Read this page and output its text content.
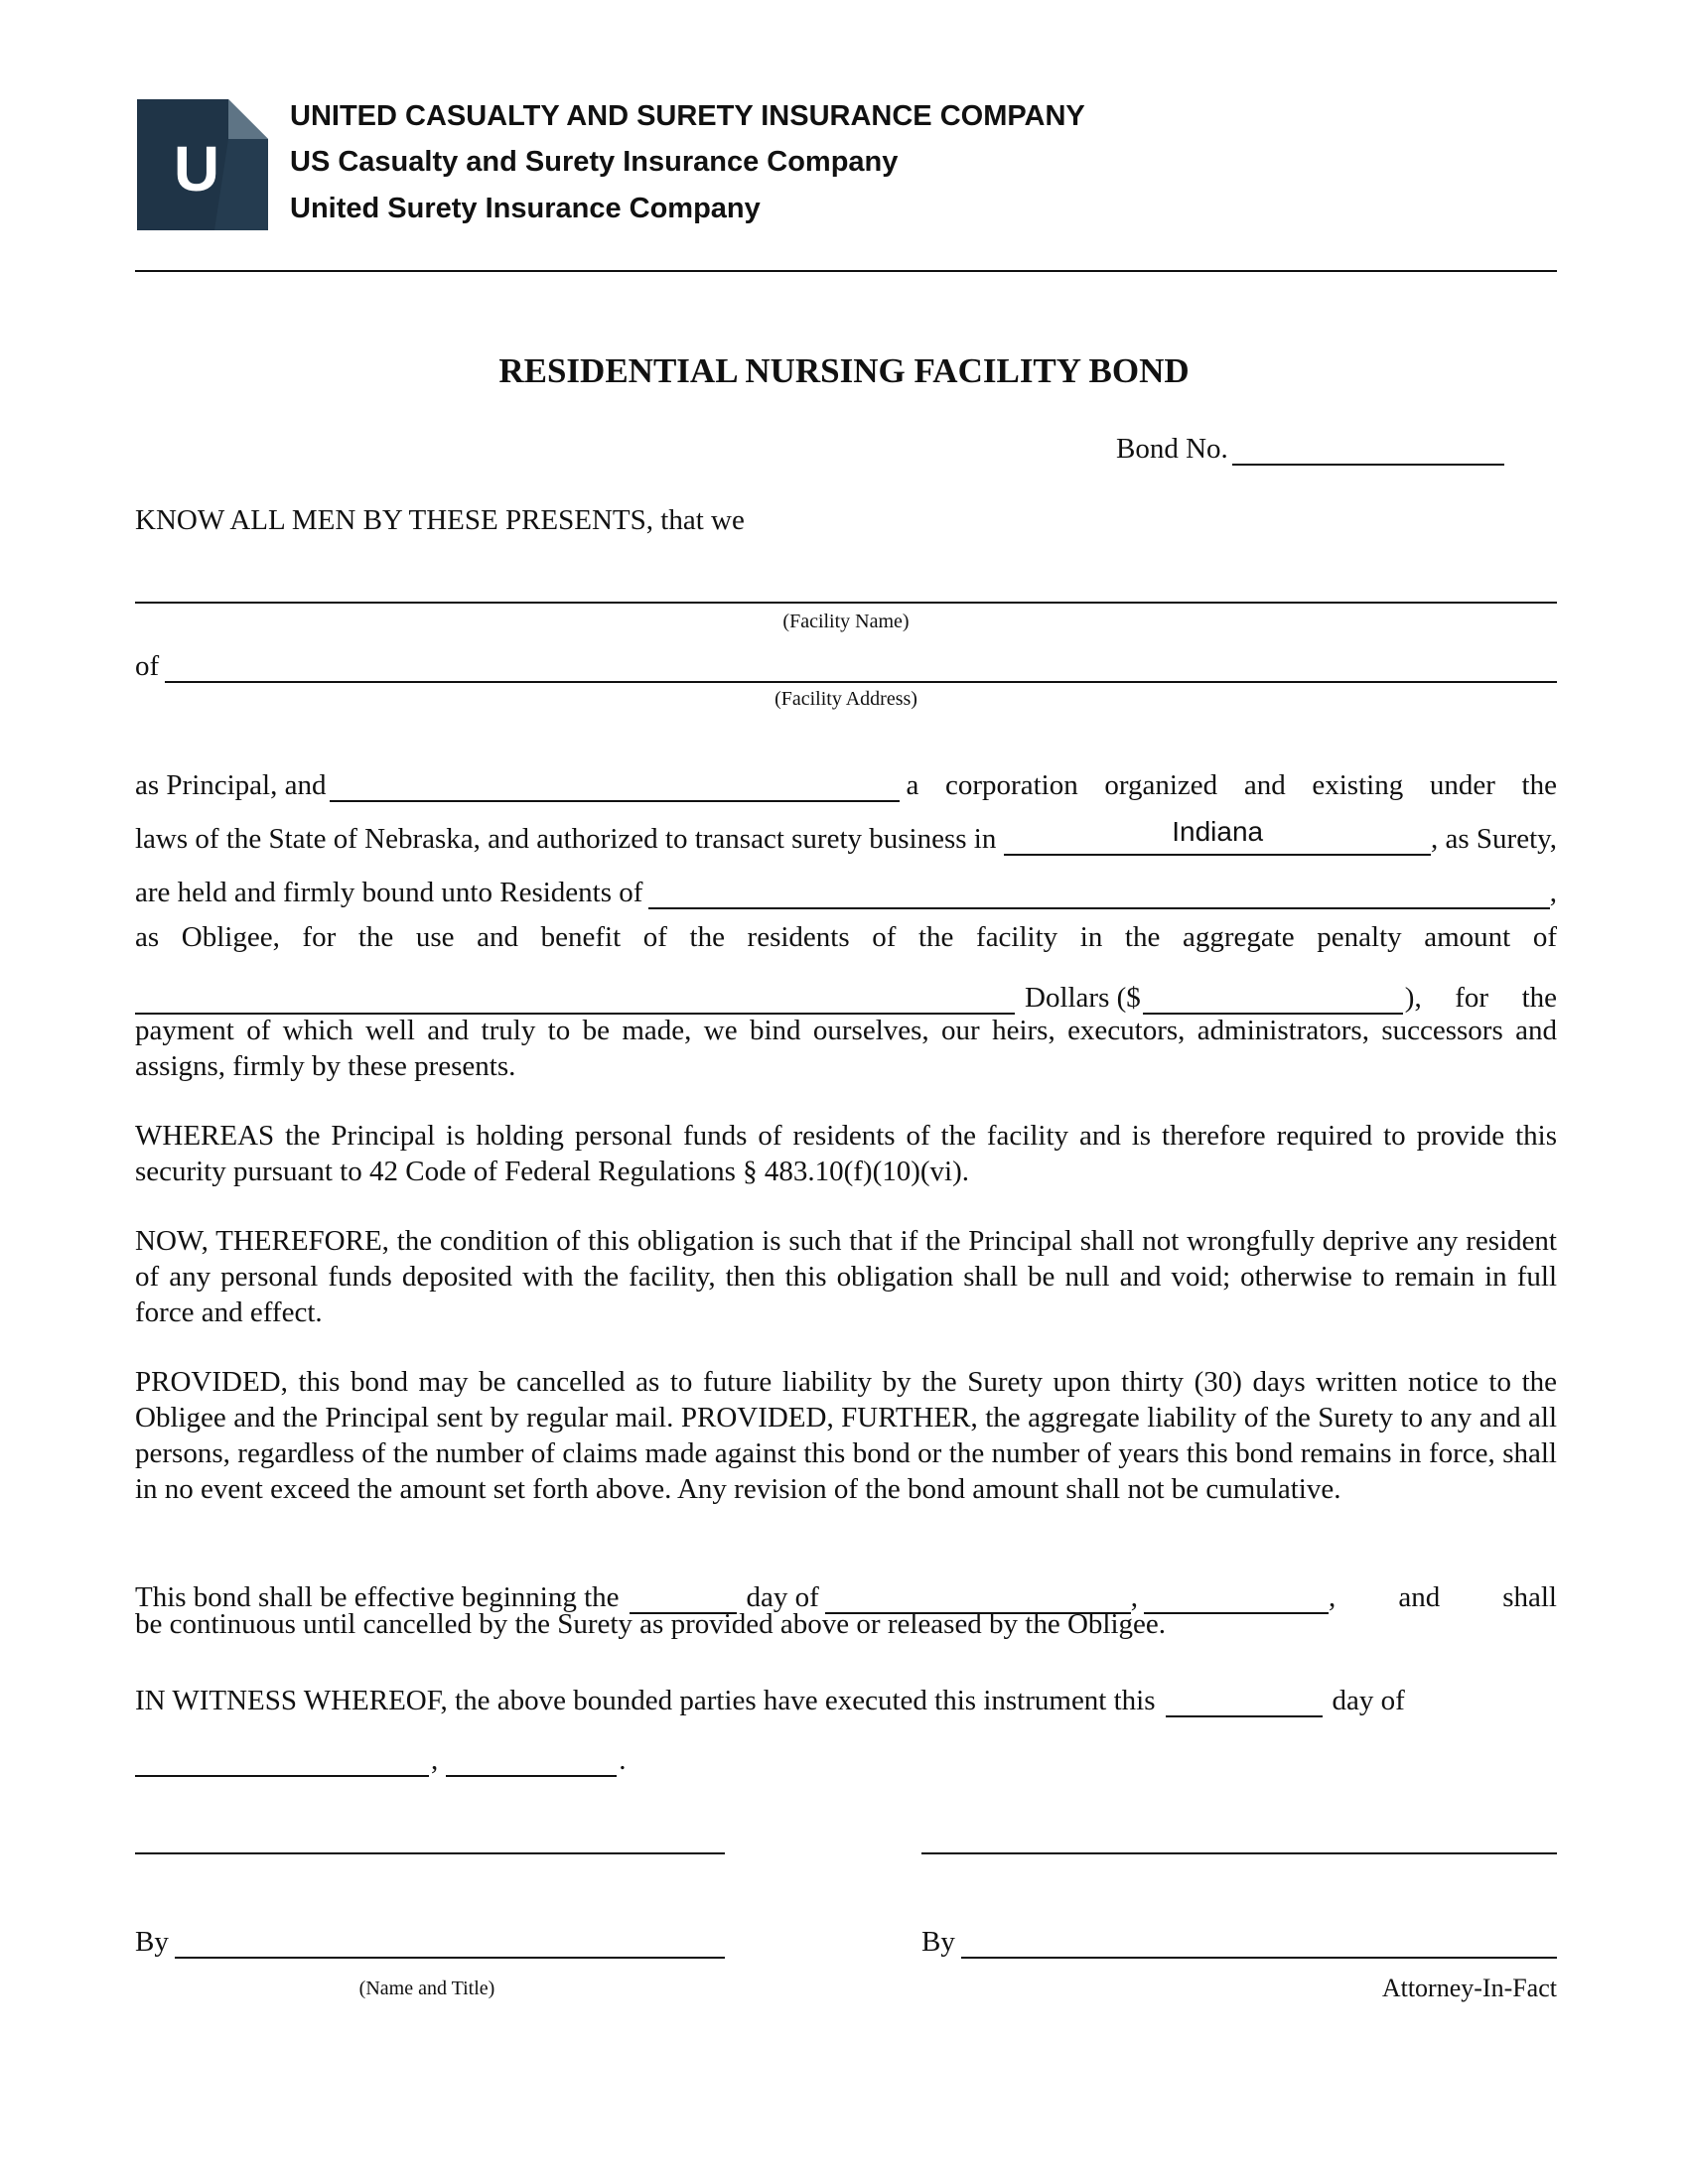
U
UNITED CASUALTY AND SURETY INSURANCE COMPANY
US Casualty and Surety Insurance Company
United Surety Insurance Company
RESIDENTIAL NURSING FACILITY BOND
Bond No.
KNOW ALL MEN BY THESE PRESENTS, that we
(Facility Name)
of
(Facility Address)
as Principal, and	a corporation organized and existing under the
laws of the State of Nebraska, and authorized to transact surety business in	Indiana	, as Surety,
are held and firmly bound unto Residents of	,
as Obligee, for the use and benefit of the residents of the facility in the aggregate penalty amount of
Dollars ($	), for the
payment of which well and truly to be made, we bind ourselves, our heirs, executors, administrators, successors and assigns, firmly by these presents.
WHEREAS the Principal is holding personal funds of residents of the facility and is therefore required to provide this security pursuant to 42 Code of Federal Regulations § 483.10(f)(10)(vi).
NOW, THEREFORE, the condition of this obligation is such that if the Principal shall not wrongfully deprive any resident of any personal funds deposited with the facility, then this obligation shall be null and void; otherwise to remain in full force and effect.
PROVIDED, this bond may be cancelled as to future liability by the Surety upon thirty (30) days written notice to the Obligee and the Principal sent by regular mail. PROVIDED, FURTHER, the aggregate liability of the Surety to any and all persons, regardless of the number of claims made against this bond or the number of years this bond remains in force, shall in no event exceed the amount set forth above. Any revision of the bond amount shall not be cumulative.
This bond shall be effective beginning the	day of	,	, and shall
be continuous until cancelled by the Surety as provided above or released by the Obligee.
IN WITNESS WHEREOF, the above bounded parties have executed this instrument this	day of
,	.
By	By
(Name and Title)	Attorney-In-Fact
